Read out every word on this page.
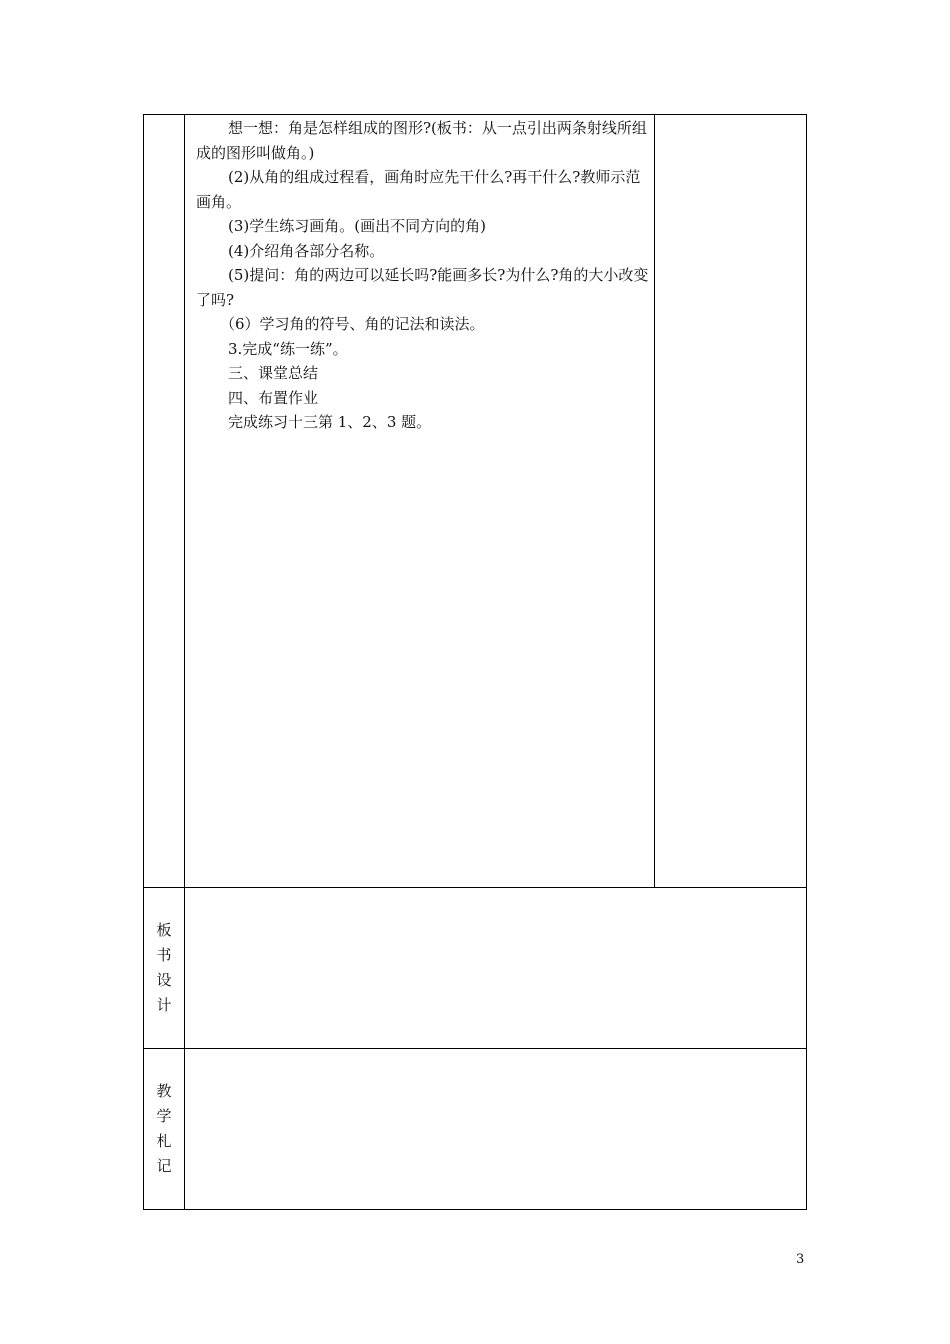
想一想：角是怎样组成的图形?(板书：从一点引出两条射线所组成的图形叫做角。)

(2)从角的组成过程看，画角时应先干什么?再干什么?教师示范画角。

(3)学生练习画角。(画出不同方向的角)

(4)介绍角各部分名称。

(5)提问：角的两边可以延长吗?能画多长?为什么?角的大小改变了吗?

（6）学习角的符号、角的记法和读法。

3.完成“练一练”。

三、课堂总结

四、布置作业

完成练习十三第 1、2、3 题。

板
书
设
计
教
学
札
记
3
